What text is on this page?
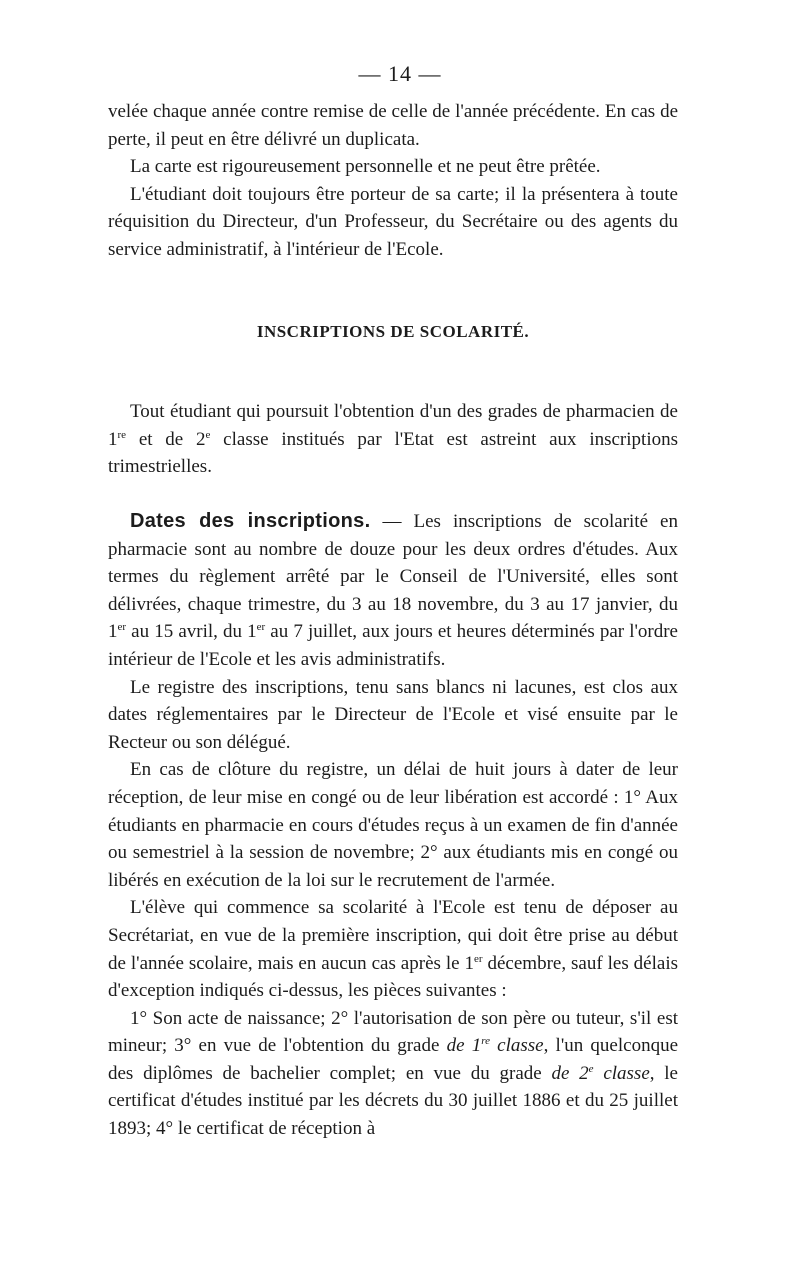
— 14 —

velée chaque année contre remise de celle de l'année précédente. En cas de perte, il peut en être délivré un duplicata.

La carte est rigoureusement personnelle et ne peut être prêtée.

L'étudiant doit toujours être porteur de sa carte; il la présentera à toute réquisition du Directeur, d'un Professeur, du Secrétaire ou des agents du service administratif, à l'intérieur de l'Ecole.

INSCRIPTIONS DE SCOLARITÉ.

Tout étudiant qui poursuit l'obtention d'un des grades de pharmacien de 1re et de 2e classe institués par l'Etat est astreint aux inscriptions trimestrielles.

Dates des inscriptions. — Les inscriptions de scolarité en pharmacie sont au nombre de douze pour les deux ordres d'études. Aux termes du règlement arrêté par le Conseil de l'Université, elles sont délivrées, chaque trimestre, du 3 au 18 novembre, du 3 au 17 janvier, du 1er au 15 avril, du 1er au 7 juillet, aux jours et heures déterminés par l'ordre intérieur de l'Ecole et les avis administratifs.

Le registre des inscriptions, tenu sans blancs ni lacunes, est clos aux dates réglementaires par le Directeur de l'Ecole et visé ensuite par le Recteur ou son délégué.

En cas de clôture du registre, un délai de huit jours à dater de leur réception, de leur mise en congé ou de leur libération est accordé : 1° Aux étudiants en pharmacie en cours d'études reçus à un examen de fin d'année ou semestriel à la session de novembre; 2° aux étudiants mis en congé ou libérés en exécution de la loi sur le recrutement de l'armée.

L'élève qui commence sa scolarité à l'Ecole est tenu de déposer au Secrétariat, en vue de la première inscription, qui doit être prise au début de l'année scolaire, mais en aucun cas après le 1er décembre, sauf les délais d'exception indiqués ci-dessus, les pièces suivantes :

1° Son acte de naissance; 2° l'autorisation de son père ou tuteur, s'il est mineur; 3° en vue de l'obtention du grade de 1re classe, l'un quelconque des diplômes de bachelier complet; en vue du grade de 2e classe, le certificat d'études institué par les décrets du 30 juillet 1886 et du 25 juillet 1893; 4° le certificat de réception à
